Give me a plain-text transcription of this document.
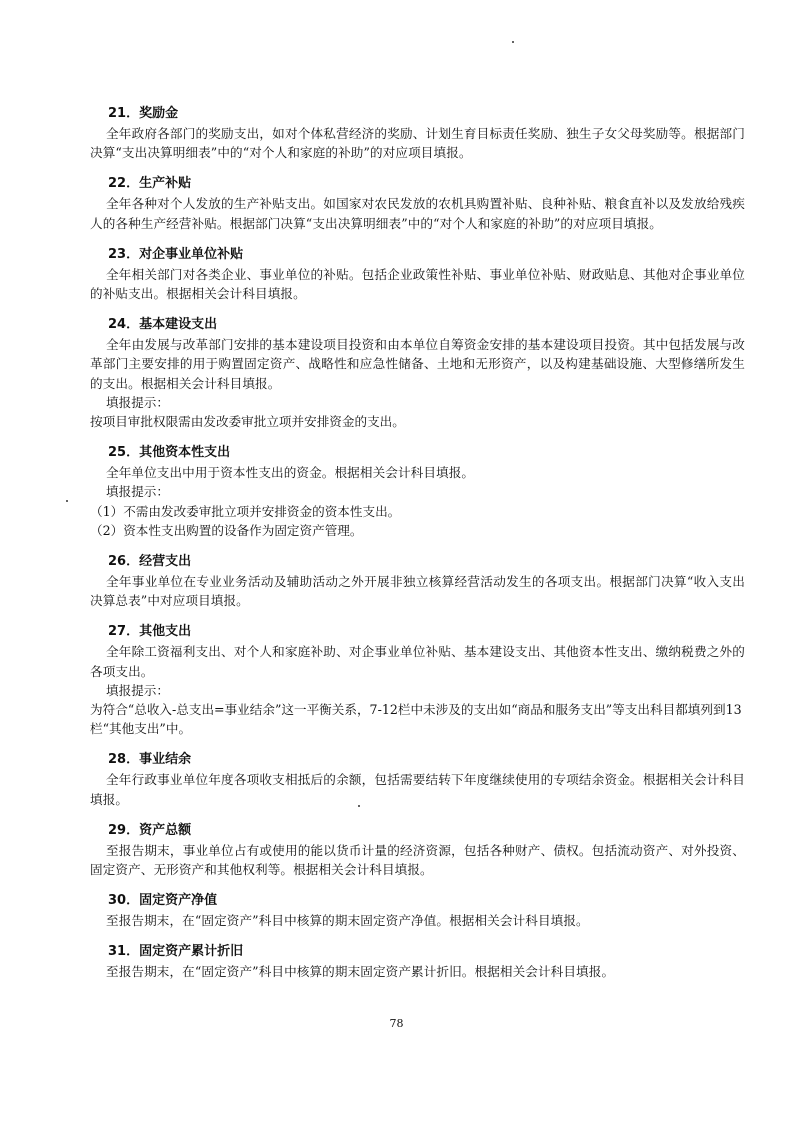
21．奖励金

全年政府各部门的奖励支出，如对个体私营经济的奖励、计划生育目标责任奖励、独生子女父母奖励等。根据部门决算“支出决算明细表”中的“对个人和家庭的补助”的对应项目填报。

22．生产补贴

全年各种对个人发放的生产补贴支出。如国家对农民发放的农机具购置补贴、良种补贴、粮食直补以及发放给残疾人的各种生产经营补贴。根据部门决算“支出决算明细表”中的“对个人和家庭的补助”的对应项目填报。

23．对企事业单位补贴

全年相关部门对各类企业、事业单位的补贴。包括企业政策性补贴、事业单位补贴、财政贴息、其他对企事业单位的补贴支出。根据相关会计科目填报。

24．基本建设支出

全年由发展与改革部门安排的基本建设项目投资和由本单位自筹资金安排的基本建设项目投资。其中包括发展与改革部门主要安排的用于购置固定资产、战略性和应急性储备、土地和无形资产，以及构建基础设施、大型修缮所发生的支出。根据相关会计科目填报。

填报提示：

按项目审批权限需由发改委审批立项并安排资金的支出。

25．其他资本性支出

全年单位支出中用于资本性支出的资金。根据相关会计科目填报。

填报提示：

（1）不需由发改委审批立项并安排资金的资本性支出。

（2）资本性支出购置的设备作为固定资产管理。

26．经营支出

全年事业单位在专业业务活动及辅助活动之外开展非独立核算经营活动发生的各项支出。根据部门决算“收入支出决算总表”中对应项目填报。

27．其他支出

全年除工资福利支出、对个人和家庭补助、对企事业单位补贴、基本建设支出、其他资本性支出、缴纳税费之外的各项支出。

填报提示：

为符合“总收入-总支出=事业结余”这一平衡关系，7-12栏中未涉及的支出如“商品和服务支出”等支出科目都填列到13栏“其他支出”中。

28．事业结余

全年行政事业单位年度各项收支相抵后的余额，包括需要结转下年度继续使用的专项结余资金。根据相关会计科目填报。

29．资产总额

至报告期末，事业单位占有或使用的能以货币计量的经济资源，包括各种财产、债权。包括流动资产、对外投资、固定资产、无形资产和其他权利等。根据相关会计科目填报。

30．固定资产净值

至报告期末，在“固定资产”科目中核算的期末固定资产净值。根据相关会计科目填报。

31．固定资产累计折旧

至报告期末，在“固定资产”科目中核算的期末固定资产累计折旧。根据相关会计科目填报。

78
